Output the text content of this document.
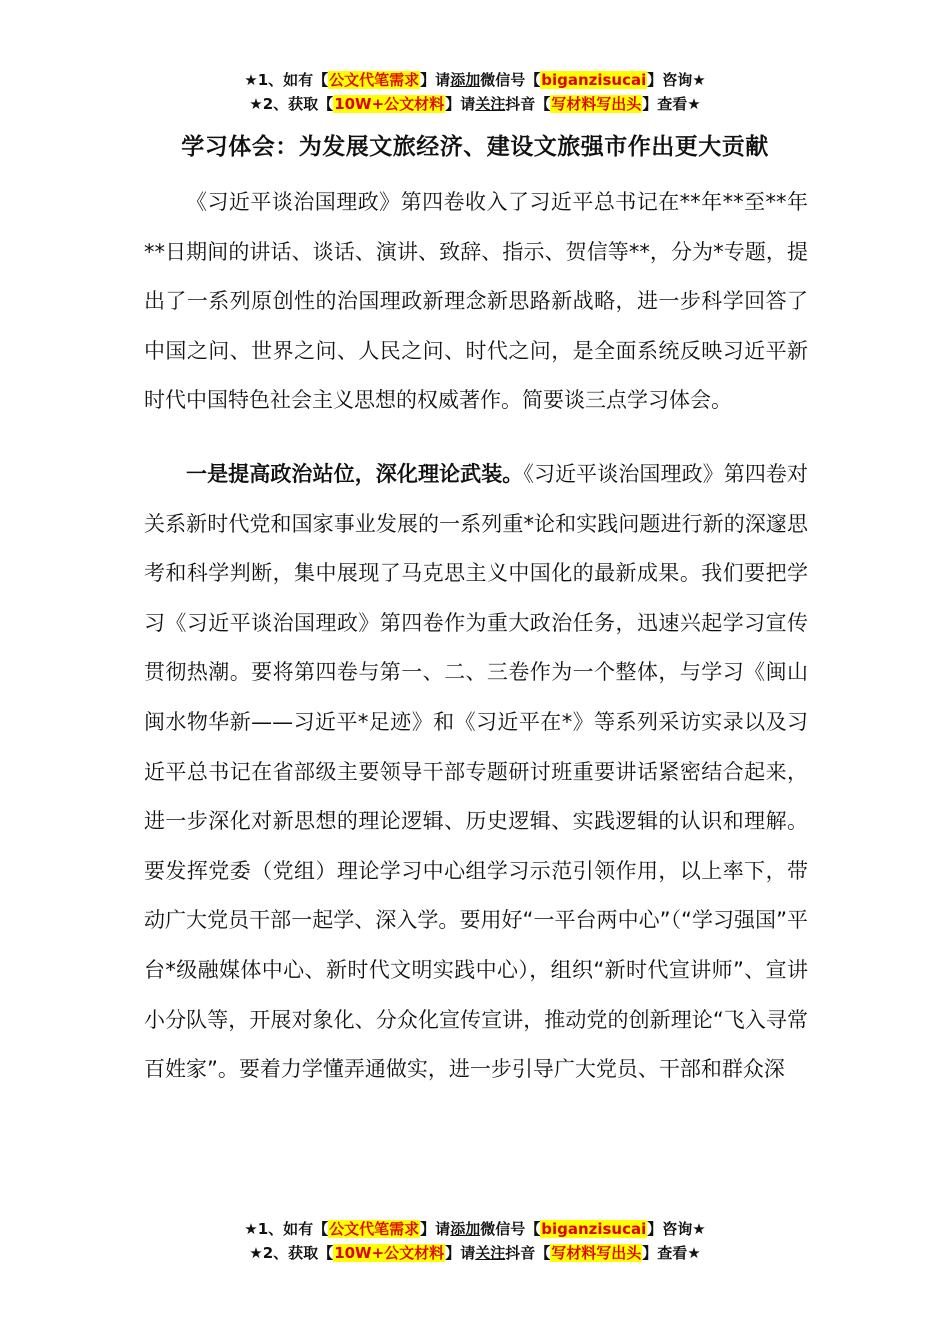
★1、如有【公文代笔需求】请添加微信号【biganzisucai】咨询★
★2、获取【10W+公文材料】请关注抖音【写材料写出头】查看★
学习体会：为发展文旅经济、建设文旅强市作出更大贡献

《习近平谈治国理政》第四卷收入了习近平总书记在**年**至**年**日期间的讲话、谈话、演讲、致辞、指示、贺信等**，分为*专题，提出了一系列原创性的治国理政新理念新思路新战略，进一步科学回答了中国之问、世界之问、人民之问、时代之问，是全面系统反映习近平新时代中国特色社会主义思想的权威著作。简要谈三点学习体会。

一是提高政治站位，深化理论武装。《习近平谈治国理政》第四卷对关系新时代党和国家事业发展的一系列重*论和实践问题进行新的深邃思考和科学判断，集中展现了马克思主义中国化的最新成果。我们要把学习《习近平谈治国理政》第四卷作为重大政治任务，迅速兴起学习宣传贯彻热潮。要将第四卷与第一、二、三卷作为一个整体，与学习《闽山闽水物华新——习近平*足迹》和《习近平在*》等系列采访实录以及习近平总书记在省部级主要领导干部专题研讨班重要讲话紧密结合起来，进一步深化对新思想的理论逻辑、历史逻辑、实践逻辑的认识和理解。要发挥党委（党组）理论学习中心组学习示范引领作用，以上率下，带动广大党员干部一起学、深入学。要用好“一平台两中心”（“学习强国”平台*级融媒体中心、新时代文明实践中心），组织“新时代宣讲师”、宣讲小分队等，开展对象化、分众化宣传宣讲，推动党的创新理论“飞入寻常百姓家”。要着力学懂弄通做实，进一步引导广大党员、干部和群众深

★1、如有【公文代笔需求】请添加微信号【biganzisucai】咨询★
★2、获取【10W+公文材料】请关注抖音【写材料写出头】查看★
